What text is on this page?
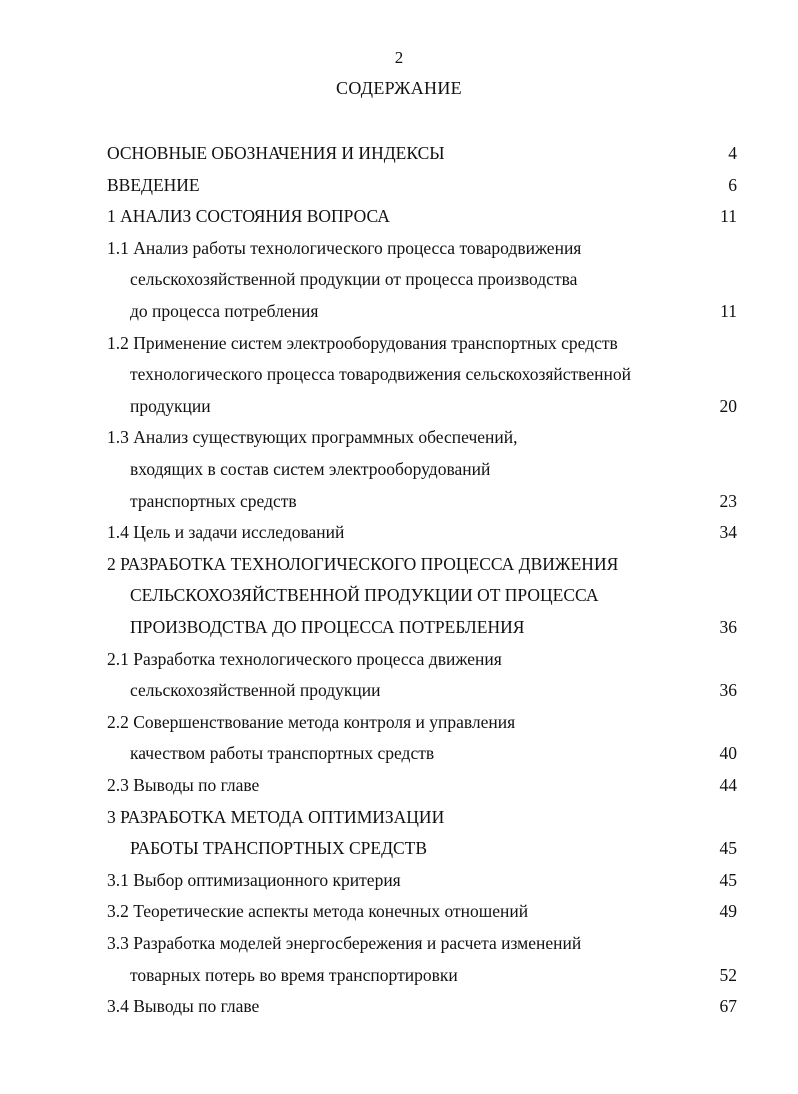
2
СОДЕРЖАНИЕ
ОСНОВНЫЕ ОБОЗНАЧЕНИЯ И ИНДЕКСЫ	4
ВВЕДЕНИЕ	6
1 АНАЛИЗ СОСТОЯНИЯ ВОПРОСА	11
1.1 Анализ работы технологического процесса товародвижения
сельскохозяйственной продукции от процесса производства
до процесса потребления	11
1.2 Применение систем электрооборудования транспортных средств
технологического процесса товародвижения сельскохозяйственной
продукции	20
1.3 Анализ существующих программных обеспечений,
входящих в состав систем электрооборудований
транспортных средств	23
1.4 Цель и задачи исследований	34
2 РАЗРАБОТКА ТЕХНОЛОГИЧЕСКОГО ПРОЦЕССА ДВИЖЕНИЯ
СЕЛЬСКОХОЗЯЙСТВЕННОЙ ПРОДУКЦИИ ОТ ПРОЦЕССА
ПРОИЗВОДСТВА ДО ПРОЦЕССА ПОТРЕБЛЕНИЯ	36
2.1 Разработка технологического процесса движения
сельскохозяйственной продукции	36
2.2 Совершенствование метода контроля и управления
качеством работы транспортных средств	40
2.3 Выводы по главе	44
3 РАЗРАБОТКА МЕТОДА ОПТИМИЗАЦИИ
РАБОТЫ ТРАНСПОРТНЫХ СРЕДСТВ	45
3.1 Выбор оптимизационного критерия	45
3.2 Теоретические аспекты метода конечных отношений	49
3.3 Разработка моделей энергосбережения и расчета изменений
товарных потерь во время транспортировки	52
3.4 Выводы по главе	67
